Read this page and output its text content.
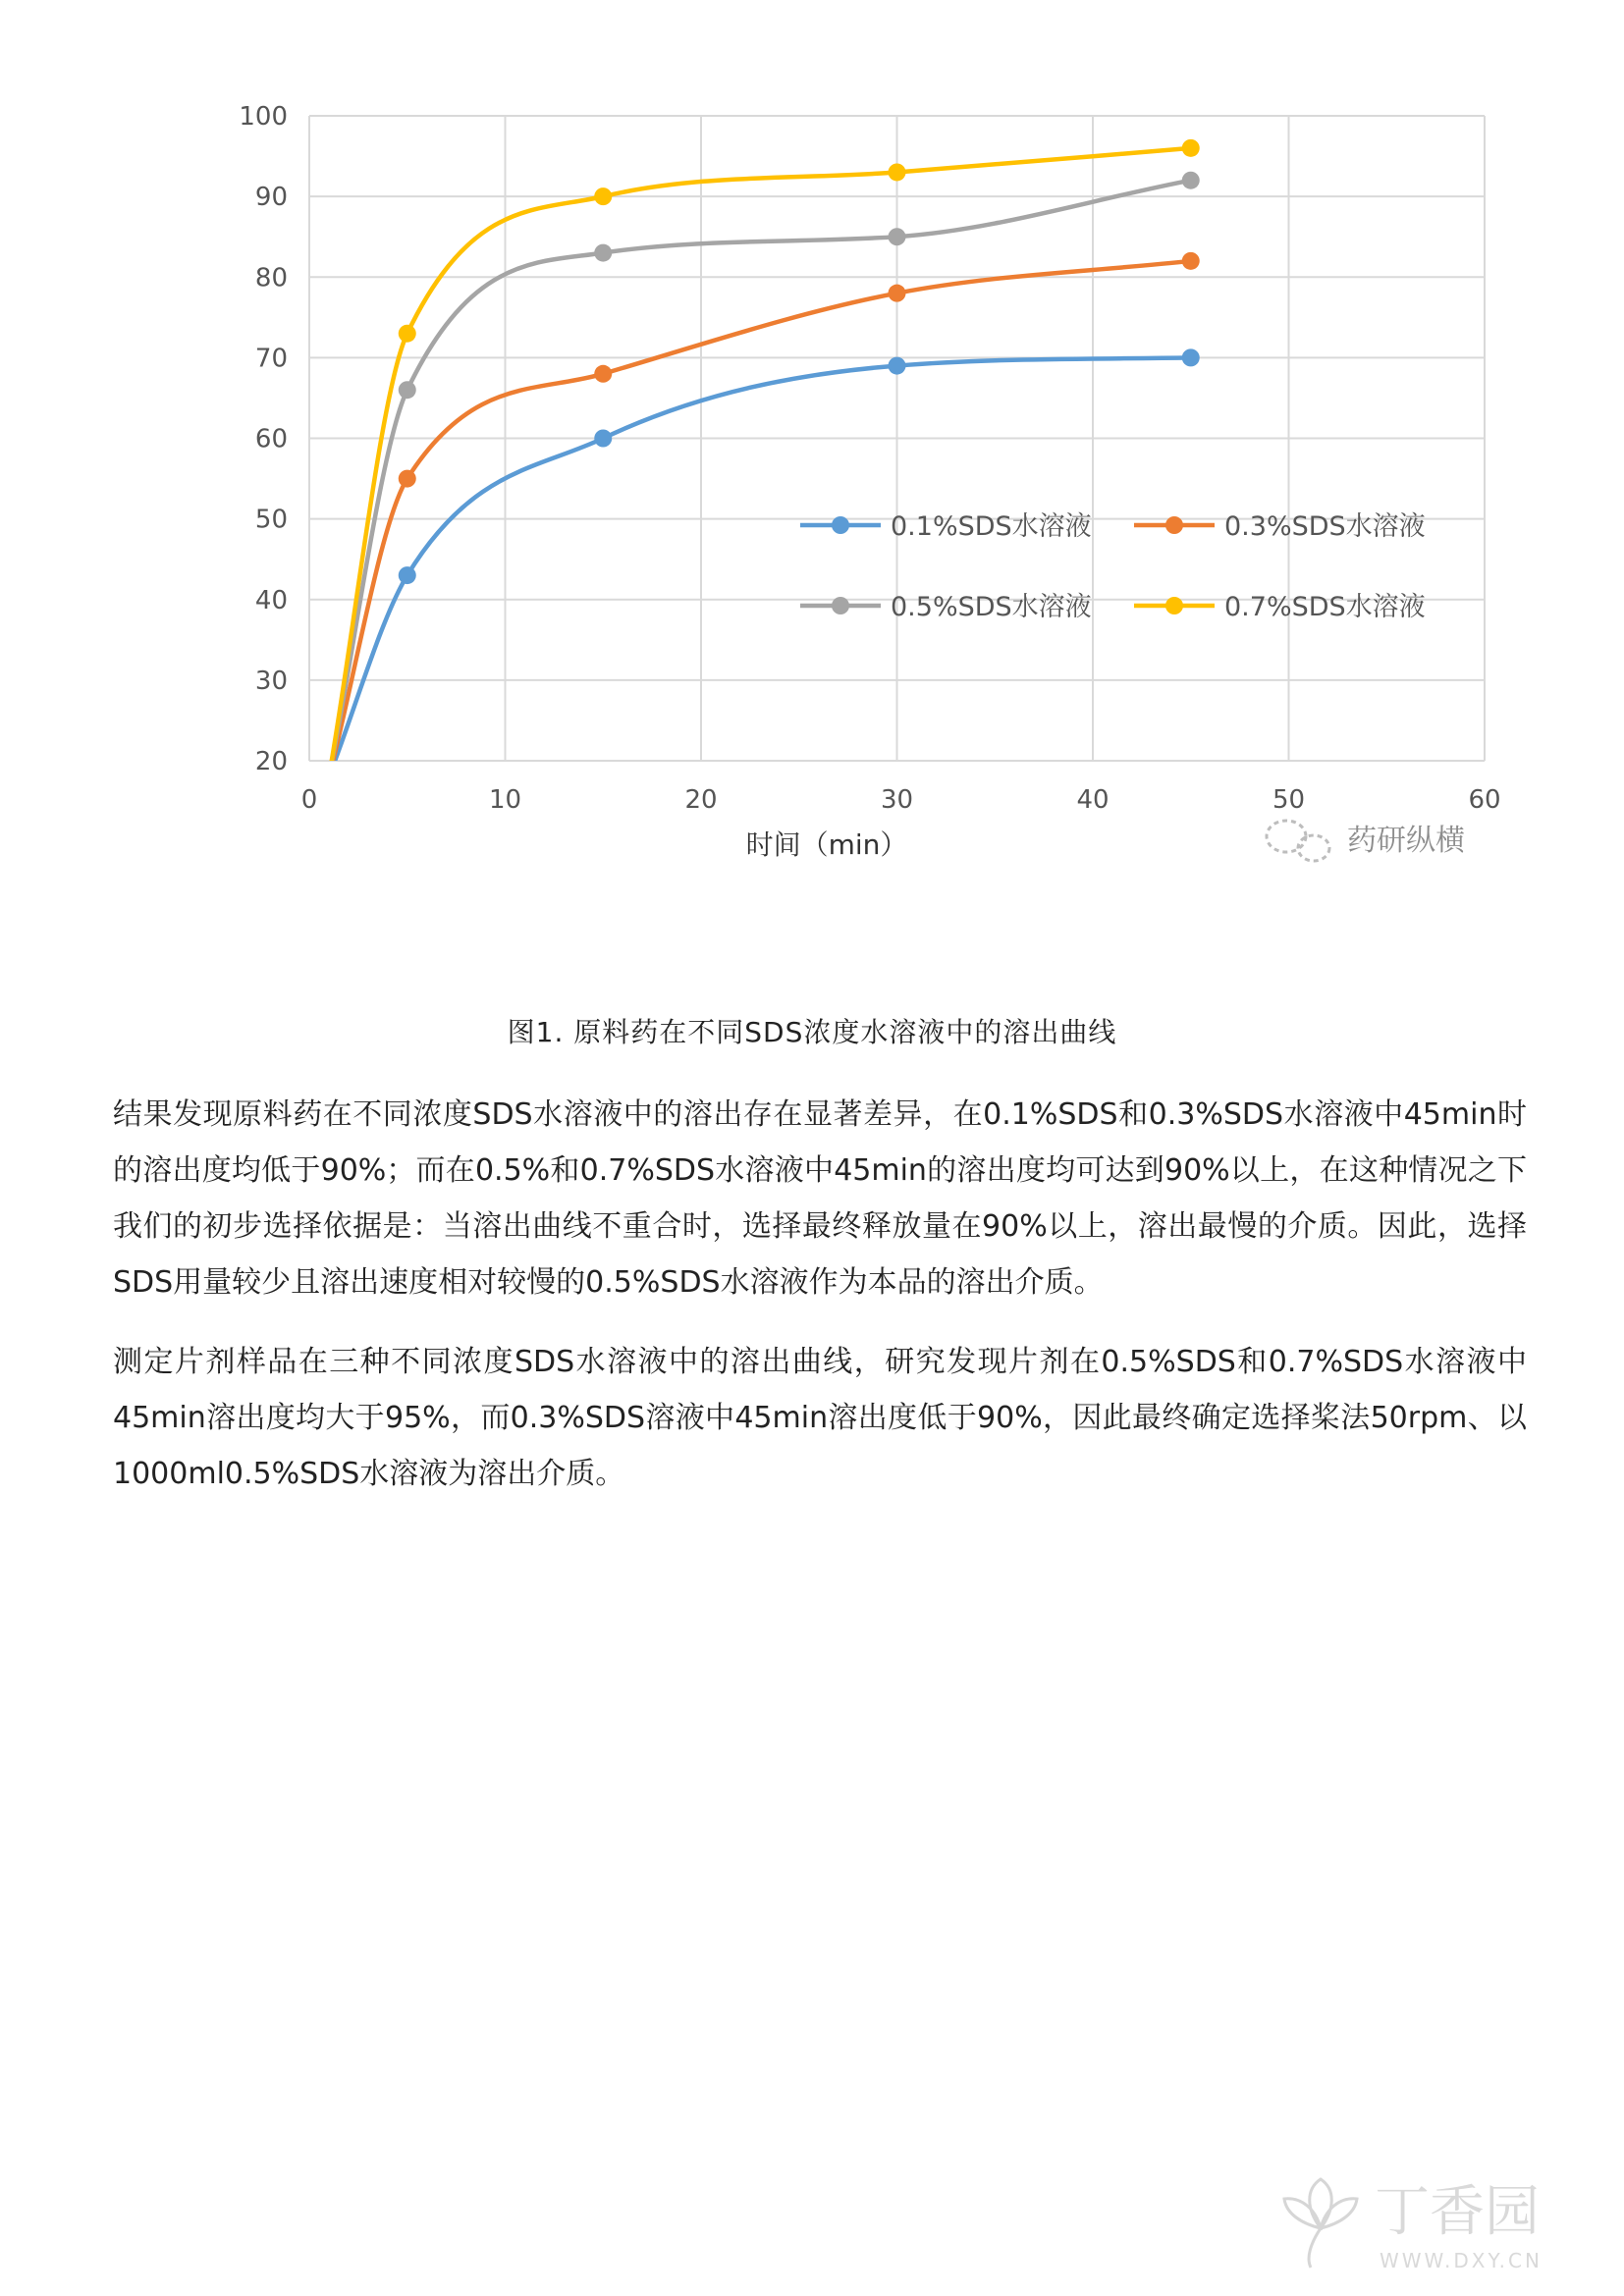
20
30
40
50
60
70
80
90
100
0	10	20	30	40	50	60
时间（min）
0.1%SDS水溶液	0.3%SDS水溶液
0.5%SDS水溶液	0.7%SDS水溶液
药研纵横
图1. 原料药在不同SDS浓度水溶液中的溶出曲线
结果发现原料药在不同浓度SDS水溶液中的溶出存在显著差异，在0.1%SDS和0.3%SDS水溶液中45min时的溶出度均低于90%；而在0.5%和0.7%SDS水溶液中45min的溶出度均可达到90%以上，在这种情况之下我们的初步选择依据是：当溶出曲线不重合时，选择最终释放量在90%以上，溶出最慢的介质。因此，选择SDS用量较少且溶出速度相对较慢的0.5%SDS水溶液作为本品的溶出介质。
测定片剂样品在三种不同浓度SDS水溶液中的溶出曲线，研究发现片剂在0.5%SDS和0.7%SDS水溶液中45min溶出度均大于95%，而0.3%SDS溶液中45min溶出度低于90%，因此最终确定选择桨法50rpm、以1000ml0.5%SDS水溶液为溶出介质。
丁香园
WWW.DXY.CN
